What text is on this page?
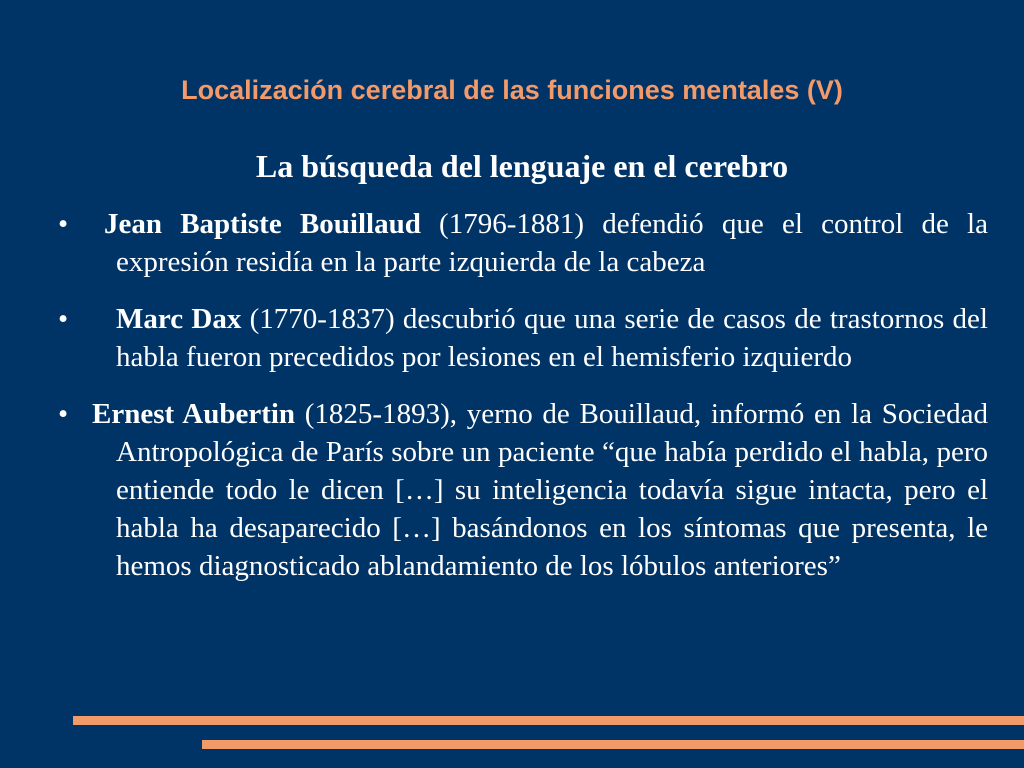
Localización cerebral de las funciones mentales (V)
La búsqueda del lenguaje en el cerebro
• Jean Baptiste Bouillaud (1796-1881) defendió que el control de la expresión residía en la parte izquierda de la cabeza
• Marc Dax (1770-1837) descubrió que una serie de casos de trastornos del habla fueron precedidos por lesiones en el hemisferio izquierdo
• Ernest Aubertin (1825-1893), yerno de Bouillaud, informó en la Sociedad Antropológica de París sobre un paciente “que había perdido el habla, pero entiende todo le dicen […] su inteligencia todavía sigue intacta, pero el habla ha desaparecido […] basándonos en los síntomas que presenta, le hemos diagnosticado ablandamiento de los lóbulos anteriores”
